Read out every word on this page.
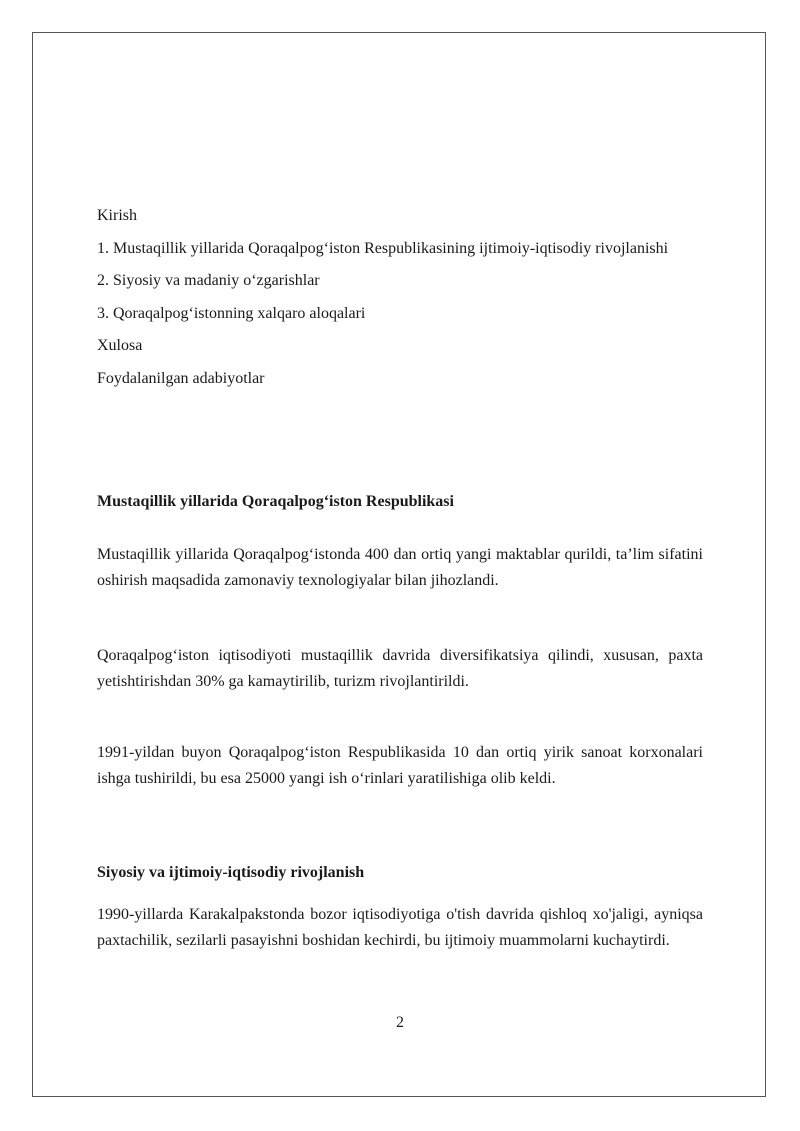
Kirish

1. Mustaqillik yillarida Qoraqalpog‘iston Respublikasining ijtimoiy-iqtisodiy rivojlanishi

2. Siyosiy va madaniy o‘zgarishlar

3. Qoraqalpog‘istonning xalqaro aloqalari

Xulosa

Foydalanilgan adabiyotlar

Mustaqillik yillarida Qoraqalpog‘iston Respublikasi

Mustaqillik yillarida Qoraqalpog‘istonda 400 dan ortiq yangi maktablar qurildi, ta’lim sifatini oshirish maqsadida zamonaviy texnologiyalar bilan jihozlandi.

Qoraqalpog‘iston iqtisodiyoti mustaqillik davrida diversifikatsiya qilindi, xususan, paxta yetishtirishdan 30% ga kamaytirilib, turizm rivojlantirildi.

1991-yildan buyon Qoraqalpog‘iston Respublikasida 10 dan ortiq yirik sanoat korxonalari ishga tushirildi, bu esa 25000 yangi ish o‘rinlari yaratilishiga olib keldi.

Siyosiy va ijtimoiy-iqtisodiy rivojlanish

1990-yillarda Karakalpakstonda bozor iqtisodiyotiga o'tish davrida qishloq xo'jaligi, ayniqsa paxtachilik, sezilarli pasayishni boshidan kechirdi, bu ijtimoiy muammolarni kuchaytirdi.

2
